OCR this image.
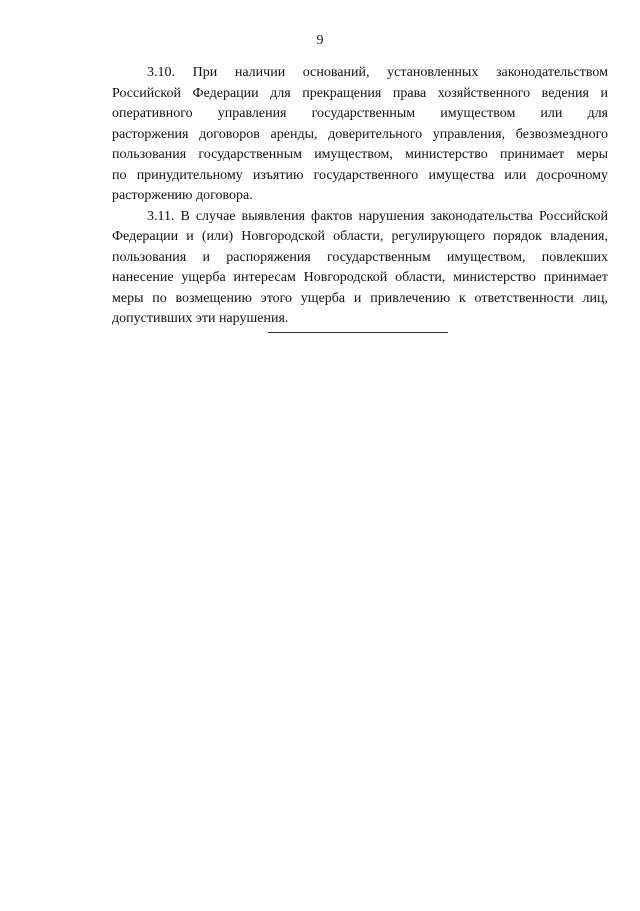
9
3.10. При наличии оснований, установленных законодательством
Российской Федерации для прекращения права хозяйственного ведения и
оперативного управления государственным имуществом или для
расторжения договоров аренды, доверительного управления, безвозмездного
пользования государственным имуществом, министерство принимает меры
по принудительному изъятию государственного имущества или досрочному
расторжению договора.
3.11. В случае выявления фактов нарушения законодательства Российской
Федерации и (или) Новгородской области, регулирующего порядок владения,
пользования и распоряжения государственным имуществом, повлекших
нанесение ущерба интересам Новгородской области, министерство принимает
меры по возмещению этого ущерба и привлечению к ответственности лиц,
допустивших эти нарушения.
